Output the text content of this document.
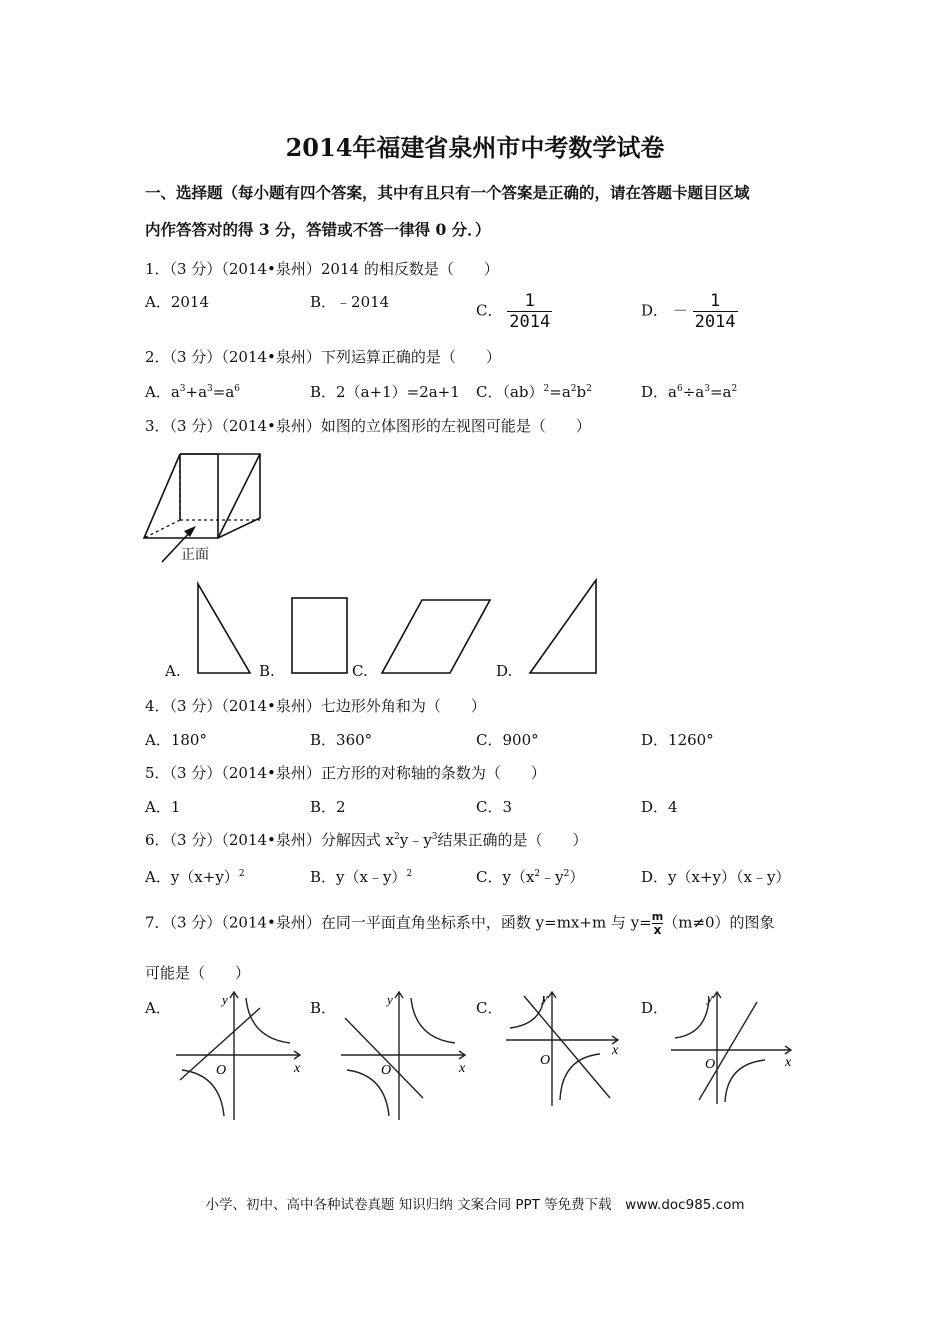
2014年福建省泉州市中考数学试卷
一、选择题（每小题有四个答案，其中有且只有一个答案是正确的，请在答题卡题目区域
内作答答对的得 3 分，答错或不答一律得 0 分．）
1．（3 分）（2014•泉州）2014 的相反数是（　　）
A．2014	B．﹣2014	C． $\frac{1}{2014}$	D． － $\frac{1}{2014}$
2．（3 分）（2014•泉州）下列运算正确的是（　　）
A．$a^3+a^3=a^6$	B．2（a+1）=2a+1 C．$(ab)^2=a^2b^2$	D．$a^6\div a^3=a^2$
3．（3 分）（2014•泉州）如图的立体图形的左视图可能是（　　）
正面
A.	B.	C.	D.
4．（3 分）（2014•泉州）七边形外角和为（　　）
A．180°	B．360°	C．900°	D．1260°
5．（3 分）（2014•泉州）正方形的对称轴的条数为（　　）
A．1	B．2	C．3	D．4
6．（3 分）（2014•泉州）分解因式 $x^2y﹣y^3$结果正确的是（　　）
A．$y(x+y)^2$	B．y（x﹣y）$^2$	C．$y(x^2﹣y^2)$	D．y（x+y）（x﹣y）
7．（3 分）（2014•泉州）在同一平面直角坐标系中，函数 y=mx+m 与 $y= \frac{m}{x} (m\ne 0)$的图象
可能是（　　）
A．	B．	C．	D．
y
x
O
y
x
O
y
x
O
y
x
O
小学、初中、高中各种试卷真题 知识归纳 文案合同 PPT 等免费下载　www.doc985.com
